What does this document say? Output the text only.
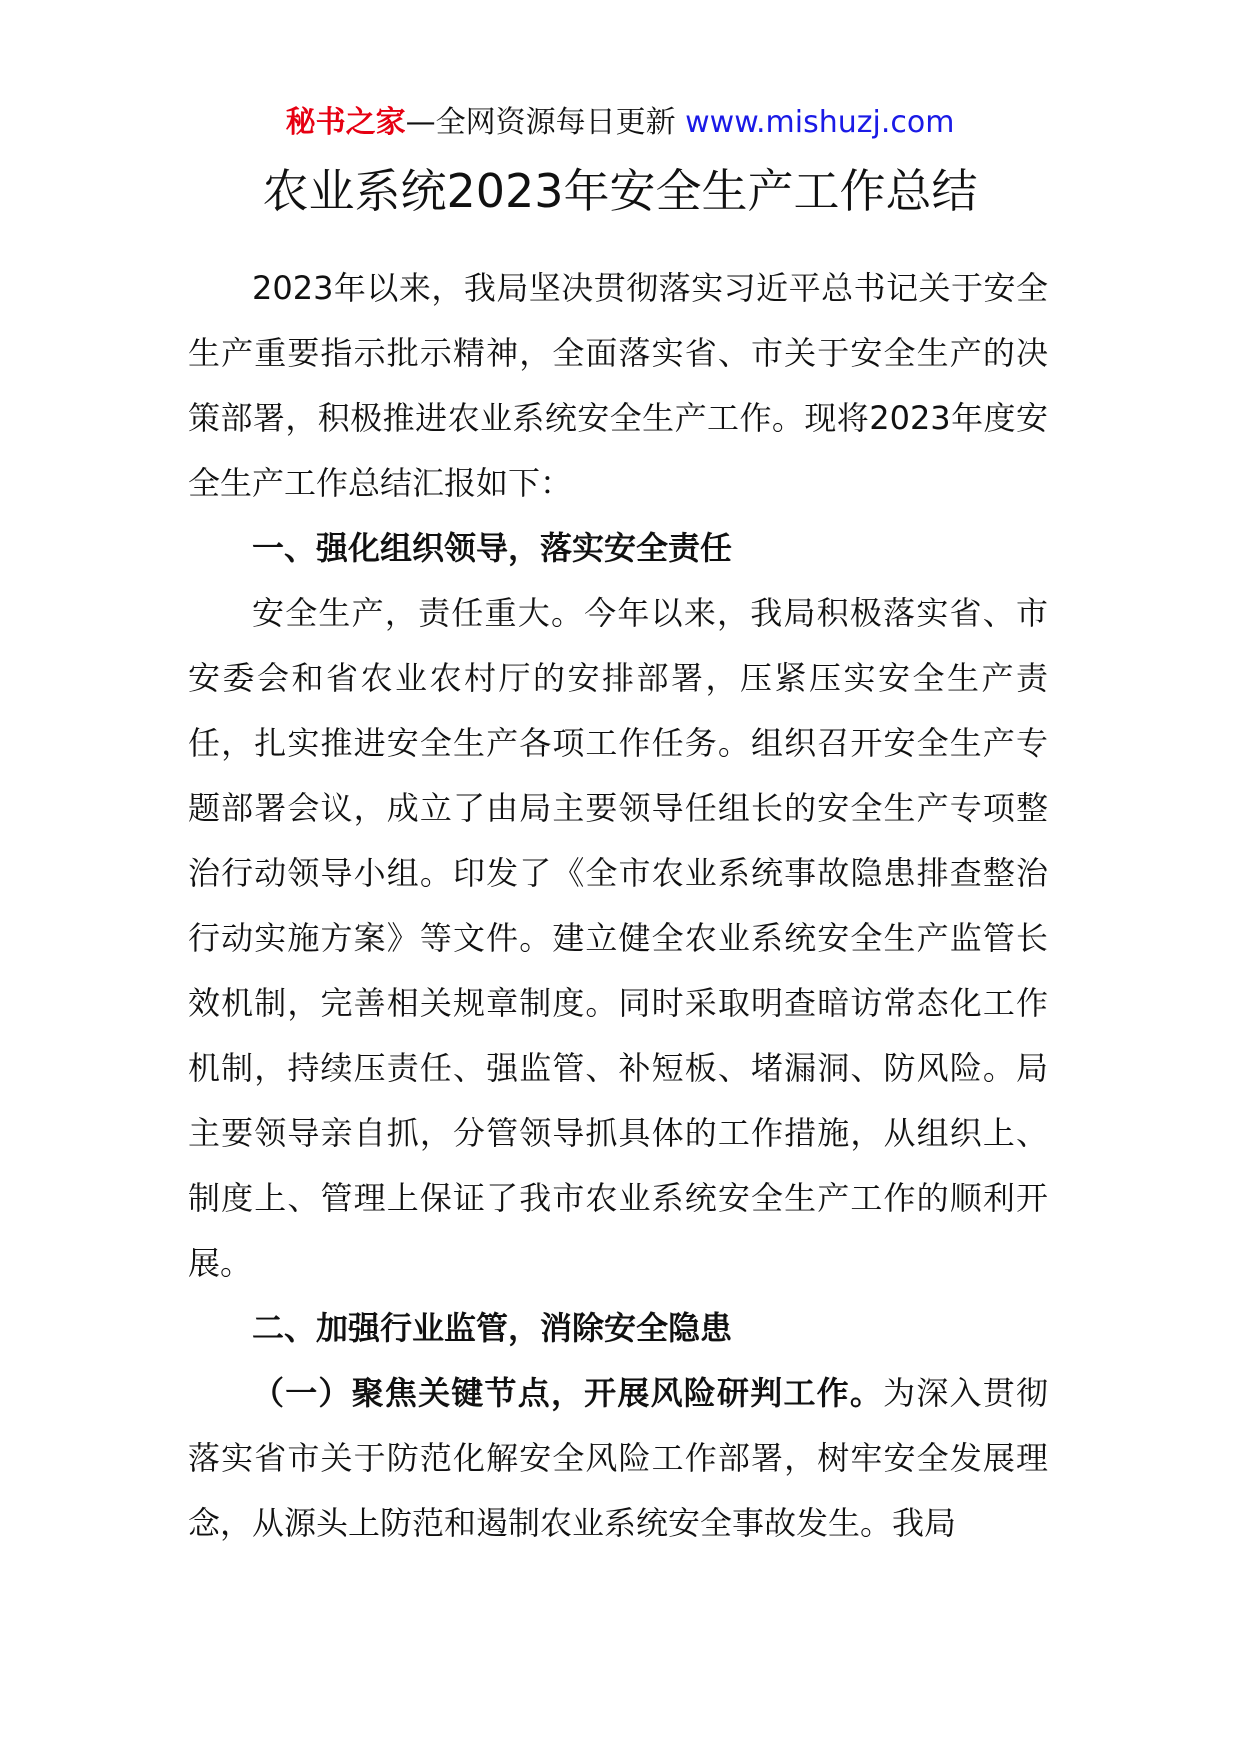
秘书之家—全网资源每日更新 www.mishuzj.com
农业系统2023年安全生产工作总结

2023年以来，我局坚决贯彻落实习近平总书记关于安全生产重要指示批示精神，全面落实省、市关于安全生产的决策部署，积极推进农业系统安全生产工作。现将2023年度安全生产工作总结汇报如下：

一、强化组织领导，落实安全责任

安全生产，责任重大。今年以来，我局积极落实省、市安委会和省农业农村厅的安排部署，压紧压实安全生产责任，扎实推进安全生产各项工作任务。组织召开安全生产专题部署会议，成立了由局主要领导任组长的安全生产专项整治行动领导小组。印发了《全市农业系统事故隐患排查整治行动实施方案》等文件。建立健全农业系统安全生产监管长效机制，完善相关规章制度。同时采取明查暗访常态化工作机制，持续压责任、强监管、补短板、堵漏洞、防风险。局主要领导亲自抓，分管领导抓具体的工作措施，从组织上、制度上、管理上保证了我市农业系统安全生产工作的顺利开展。

二、加强行业监管，消除安全隐患

（一）聚焦关键节点，开展风险研判工作。为深入贯彻落实省市关于防范化解安全风险工作部署，树牢安全发展理念，从源头上防范和遏制农业系统安全事故发生。我局
